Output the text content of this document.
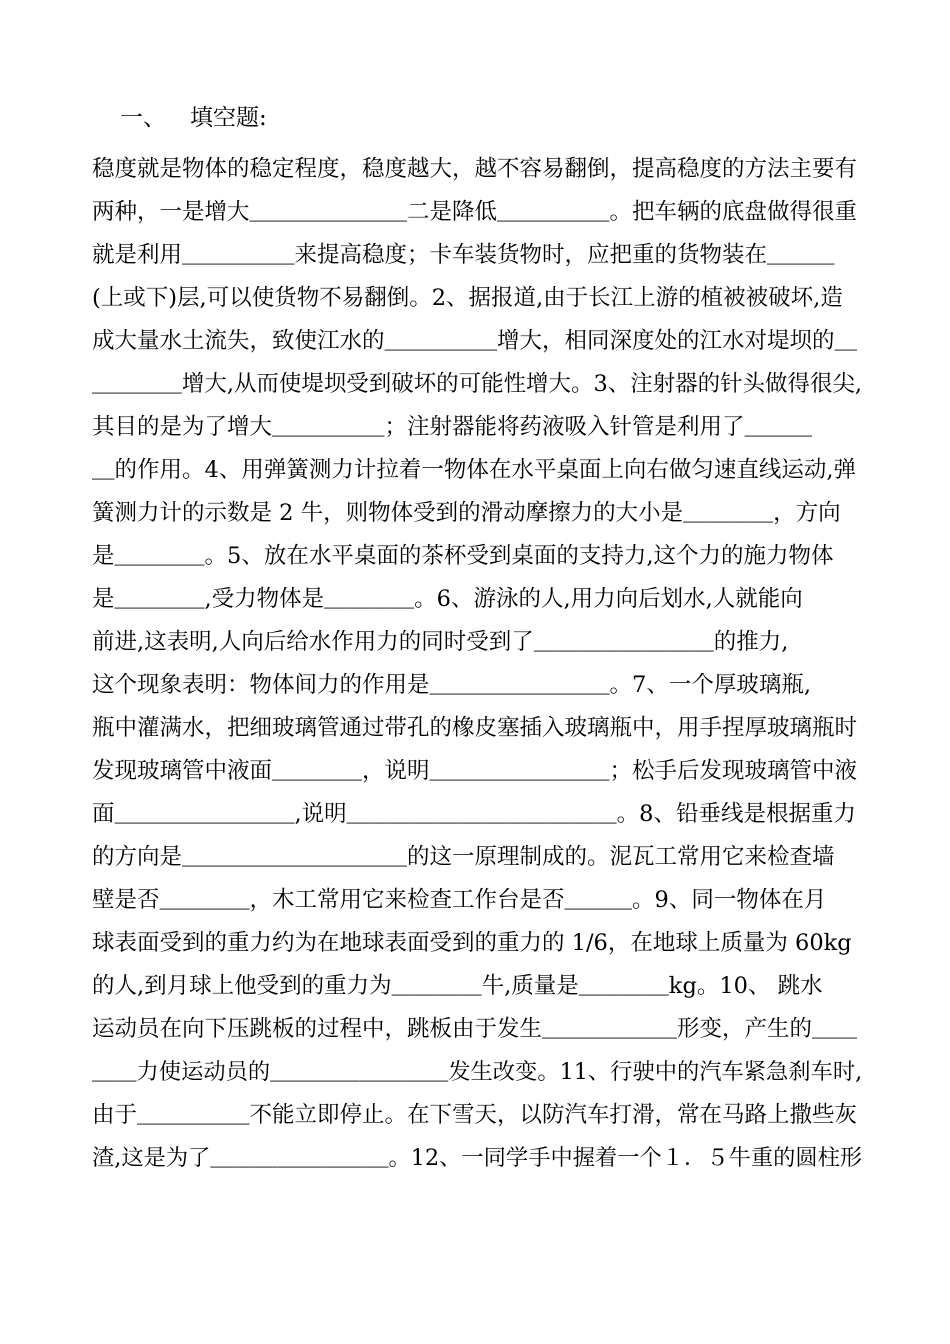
一、 填空题:
稳度就是物体的稳定程度，稳度越大，越不容易翻倒，提高稳度的方法主要有
两种，一是增大＿＿＿＿＿＿＿二是降低＿＿＿＿＿。把车辆的底盘做得很重
就是利用＿＿＿＿＿来提高稳度；卡车装货物时，应把重的货物装在＿＿＿
(上或下)层,可以使货物不易翻倒。2、据报道,由于长江上游的植被被破坏,造
成大量水土流失，致使江水的＿＿＿＿＿增大，相同深度处的江水对堤坝的＿
＿＿＿＿增大,从而使堤坝受到破坏的可能性增大。3、注射器的针头做得很尖,
其目的是为了增大＿＿＿＿＿；注射器能将药液吸入针管是利用了＿＿＿
＿的作用。4、用弹簧测力计拉着一物体在水平桌面上向右做匀速直线运动,弹
簧测力计的示数是 2 牛，则物体受到的滑动摩擦力的大小是＿＿＿＿，方向
是＿＿＿＿。5、放在水平桌面的茶杯受到桌面的支持力,这个力的施力物体
是＿＿＿＿,受力物体是＿＿＿＿。6、游泳的人,用力向后划水,人就能向
前进,这表明,人向后给水作用力的同时受到了＿＿＿＿＿＿＿＿的推力,
这个现象表明：物体间力的作用是＿＿＿＿＿＿＿＿。7、一个厚玻璃瓶,
瓶中灌满水，把细玻璃管通过带孔的橡皮塞插入玻璃瓶中，用手捏厚玻璃瓶时
发现玻璃管中液面＿＿＿＿，说明＿＿＿＿＿＿＿＿；松手后发现玻璃管中液
面＿＿＿＿＿＿＿＿,说明＿＿＿＿＿＿＿＿＿＿＿＿。8、铅垂线是根据重力
的方向是＿＿＿＿＿＿＿＿＿＿的这一原理制成的。泥瓦工常用它来检查墙
壁是否＿＿＿＿，木工常用它来检查工作台是否＿＿＿。9、同一物体在月
球表面受到的重力约为在地球表面受到的重力的 1/6，在地球上质量为 60kg
的人,到月球上他受到的重力为＿＿＿＿牛,质量是＿＿＿＿kg。10、 跳水
运动员在向下压跳板的过程中，跳板由于发生＿＿＿＿＿＿形变，产生的＿＿
＿＿力使运动员的＿＿＿＿＿＿＿＿发生改变。11、行驶中的汽车紧急刹车时,
由于＿＿＿＿＿不能立即停止。在下雪天，以防汽车打滑，常在马路上撒些灰
渣,这是为了＿＿＿＿＿＿＿＿。12、一同学手中握着一个１．５牛重的圆柱形
